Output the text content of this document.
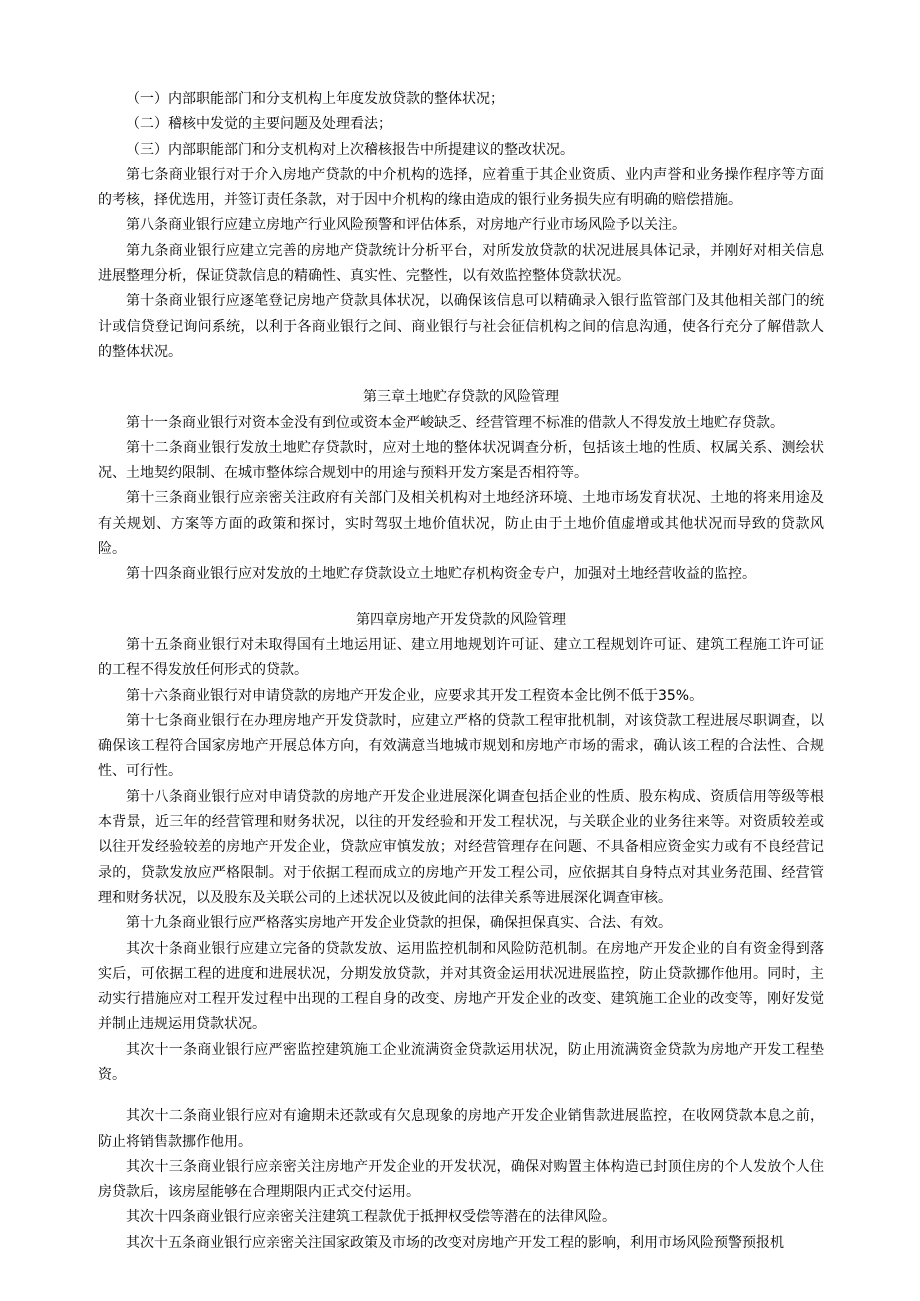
（一）内部职能部门和分支机构上年度发放贷款的整体状况；

（二）稽核中发觉的主要问题及处理看法；

（三）内部职能部门和分支机构对上次稽核报告中所提建议的整改状况。

第七条商业银行对于介入房地产贷款的中介机构的选择，应着重于其企业资质、业内声誉和业务操作程序等方面的考核，择优选用，并签订责任条款，对于因中介机构的缘由造成的银行业务损失应有明确的赔偿措施。

第八条商业银行应建立房地产行业风险预警和评估体系，对房地产行业市场风险予以关注。

第九条商业银行应建立完善的房地产贷款统计分析平台，对所发放贷款的状况进展具体记录，并刚好对相关信息进展整理分析，保证贷款信息的精确性、真实性、完整性，以有效监控整体贷款状况。

第十条商业银行应逐笔登记房地产贷款具体状况，以确保该信息可以精确录入银行监管部门及其他相关部门的统计或信贷登记询问系统，以利于各商业银行之间、商业银行与社会征信机构之间的信息沟通，使各行充分了解借款人的整体状况。

第三章土地贮存贷款的风险管理

第十一条商业银行对资本金没有到位或资本金严峻缺乏、经营管理不标准的借款人不得发放土地贮存贷款。

第十二条商业银行发放土地贮存贷款时，应对土地的整体状况调查分析，包括该土地的性质、权属关系、测绘状况、土地契约限制、在城市整体综合规划中的用途与预料开发方案是否相符等。

第十三条商业银行应亲密关注政府有关部门及相关机构对土地经济环境、土地市场发育状况、土地的将来用途及有关规划、方案等方面的政策和探讨，实时驾驭土地价值状况，防止由于土地价值虚增或其他状况而导致的贷款风险。

第十四条商业银行应对发放的土地贮存贷款设立土地贮存机构资金专户，加强对土地经营收益的监控。

第四章房地产开发贷款的风险管理

第十五条商业银行对未取得国有土地运用证、建立用地规划许可证、建立工程规划许可证、建筑工程施工许可证的工程不得发放任何形式的贷款。

第十六条商业银行对申请贷款的房地产开发企业，应要求其开发工程资本金比例不低于35%。

第十七条商业银行在办理房地产开发贷款时，应建立严格的贷款工程审批机制，对该贷款工程进展尽职调查，以确保该工程符合国家房地产开展总体方向，有效满意当地城市规划和房地产市场的需求，确认该工程的合法性、合规性、可行性。

第十八条商业银行应对申请贷款的房地产开发企业进展深化调查包括企业的性质、股东构成、资质信用等级等根本背景，近三年的经营管理和财务状况，以往的开发经验和开发工程状况，与关联企业的业务往来等。对资质较差或以往开发经验较差的房地产开发企业，贷款应审慎发放；对经营管理存在问题、不具备相应资金实力或有不良经营记录的，贷款发放应严格限制。对于依据工程而成立的房地产开发工程公司，应依据其自身特点对其业务范围、经营管理和财务状况，以及股东及关联公司的上述状况以及彼此间的法律关系等进展深化调查审核。

第十九条商业银行应严格落实房地产开发企业贷款的担保，确保担保真实、合法、有效。

其次十条商业银行应建立完备的贷款发放、运用监控机制和风险防范机制。在房地产开发企业的自有资金得到落实后，可依据工程的进度和进展状况，分期发放贷款，并对其资金运用状况进展监控，防止贷款挪作他用。同时，主动实行措施应对工程开发过程中出现的工程自身的改变、房地产开发企业的改变、建筑施工企业的改变等，刚好发觉并制止违规运用贷款状况。

其次十一条商业银行应严密监控建筑施工企业流满资金贷款运用状况，防止用流满资金贷款为房地产开发工程垫资。

其次十二条商业银行应对有逾期未还款或有欠息现象的房地产开发企业销售款进展监控，在收网贷款本息之前，防止将销售款挪作他用。

其次十三条商业银行应亲密关注房地产开发企业的开发状况，确保对购置主体构造已封顶住房的个人发放个人住房贷款后，该房屋能够在合理期限内正式交付运用。

其次十四条商业银行应亲密关注建筑工程款优于抵押权受偿等潜在的法律风险。

其次十五条商业银行应亲密关注国家政策及市场的改变对房地产开发工程的影响，利用市场风险预警预报机
